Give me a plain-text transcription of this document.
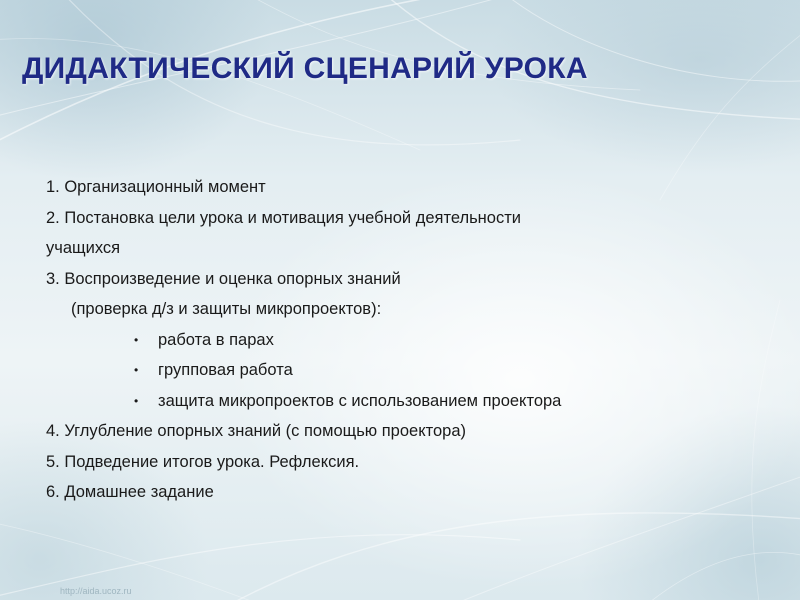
ДИДАКТИЧЕСКИЙ СЦЕНАРИЙ УРОКА
1. Организационный момент
2. Постановка цели урока и мотивация учебной деятельности
учащихся
3. Воспроизведение и оценка опорных знаний
(проверка д/з и защиты микропроектов):
• работа в парах
• групповая работа
• защита микропроектов с использованием проектора
4. Углубление опорных знаний (с помощью проектора)
5. Подведение итогов урока. Рефлексия.
6. Домашнее задание
http://aida.ucoz.ru
